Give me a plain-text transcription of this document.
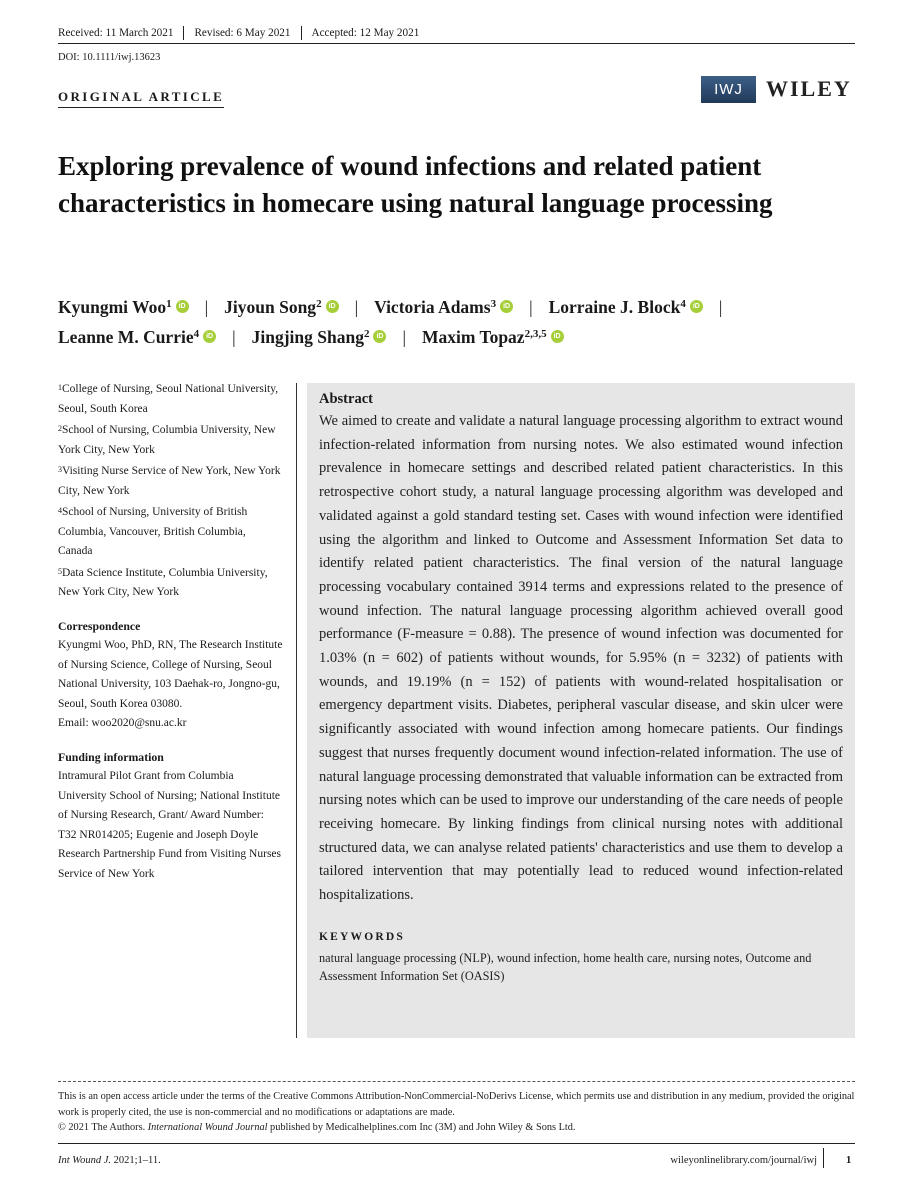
Received: 11 March 2021	Revised: 6 May 2021	Accepted: 12 May 2021
DOI: 10.1111/iwj.13623
ORIGINAL ARTICLE	IWJ	WILEY
Exploring prevalence of wound infections and related patient characteristics in homecare using natural language processing
Kyungmi Woo$^1$ iD | Jiyoun Song$^2$ iD | Victoria Adams$^3$ iD | Lorraine J. Block$^4$ iD |
Leanne M. Currie$^4$ iD | Jingjing Shang$^2$ iD | Maxim Topaz$^{2,3,5}$ iD
$^1$College of Nursing, Seoul National University, Seoul, South Korea
$^2$School of Nursing, Columbia University, New York City, New York
$^3$Visiting Nurse Service of New York, New York City, New York
$^4$School of Nursing, University of British Columbia, Vancouver, British Columbia, Canada
$^5$Data Science Institute, Columbia University, New York City, New York
Correspondence
Kyungmi Woo, PhD, RN, The Research Institute of Nursing Science, College of Nursing, Seoul National University, 103 Daehak-ro, Jongno-gu, Seoul, South Korea 03080.
Email: woo2020@snu.ac.kr
Funding information
Intramural Pilot Grant from Columbia University School of Nursing; National Institute of Nursing Research, Grant/ Award Number: T32 NR014205; Eugenie and Joseph Doyle Research Partnership Fund from Visiting Nurses Service of New York
Abstract
We aimed to create and validate a natural language processing algorithm to extract wound infection-related information from nursing notes. We also estimated wound infection prevalence in homecare settings and described related patient characteristics. In this retrospective cohort study, a natural language processing algorithm was developed and validated against a gold standard testing set. Cases with wound infection were identified using the algorithm and linked to Outcome and Assessment Information Set data to identify related patient characteristics. The final version of the natural language processing vocabulary contained 3914 terms and expressions related to the presence of wound infection. The natural language processing algorithm achieved overall good performance (F-measure = 0.88). The presence of wound infection was documented for 1.03% (n = 602) of patients without wounds, for 5.95% (n = 3232) of patients with wounds, and 19.19% (n = 152) of patients with wound-related hospitalisation or emergency department visits. Diabetes, peripheral vascular disease, and skin ulcer were significantly associated with wound infection among homecare patients. Our findings suggest that nurses frequently document wound infection-related information. The use of natural language processing demonstrated that valuable information can be extracted from nursing notes which can be used to improve our understanding of the care needs of people receiving homecare. By linking findings from clinical nursing notes with additional structured data, we can analyse related patients' characteristics and use them to develop a tailored intervention that may potentially lead to reduced wound infection-related hospitalizations.
KEYWORDS
natural language processing (NLP), wound infection, home health care, nursing notes, Outcome and Assessment Information Set (OASIS)
This is an open access article under the terms of the Creative Commons Attribution-NonCommercial-NoDerivs License, which permits use and distribution in any medium, provided the original work is properly cited, the use is non-commercial and no modifications or adaptations are made.
© 2021 The Authors. International Wound Journal published by Medicalhelplines.com Inc (3M) and John Wiley & Sons Ltd.
Int Wound J. 2021;1–11.	wileyonlinelibrary.com/journal/iwj	1
